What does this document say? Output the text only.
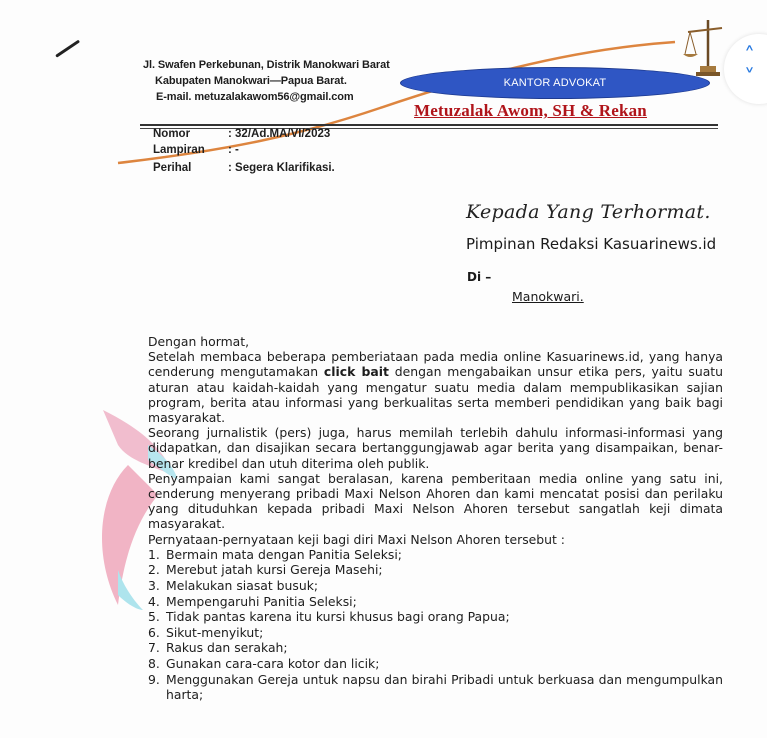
Jl. Swafen Perkebunan, Distrik Manokwari Barat
Kabupaten Manokwari—Papua Barat.
E-mail. metuzalakawom56@gmail.com
KANTOR ADVOKAT
Metuzalak Awom, SH & Rekan
˄
˅
Nomor	: 32/Ad.MA/VI/2023
Lampiran : -
Perihal	: Segera Klarifikasi.
Kepada Yang Terhormat.
Pimpinan Redaksi Kasuarinews.id
Di –
Manokwari.

Dengan hormat,

Setelah membaca beberapa pemberiataan pada media online Kasuarinews.id, yang hanya cenderung mengutamakan click bait dengan mengabaikan unsur etika pers, yaitu suatu aturan atau kaidah-kaidah yang mengatur suatu media dalam mempublikasikan sajian program, berita atau informasi yang berkualitas serta memberi pendidikan yang baik bagi masyarakat.

Seorang jurnalistik (pers) juga, harus memilah terlebih dahulu informasi-informasi yang didapatkan, dan disajikan secara bertanggungjawab agar berita yang disampaikan, benar-benar kredibel dan utuh diterima oleh publik.

Penyampaian kami sangat beralasan, karena pemberitaan media online yang satu ini, cenderung menyerang pribadi Maxi Nelson Ahoren dan kami mencatat posisi dan perilaku yang dituduhkan kepada pribadi Maxi Nelson Ahoren tersebut sangatlah keji dimata masyarakat.

Pernyataan-pernyataan keji bagi diri Maxi Nelson Ahoren tersebut :

1. Bermain mata dengan Panitia Seleksi;
2. Merebut jatah kursi Gereja Masehi;
3. Melakukan siasat busuk;
4. Mempengaruhi Panitia Seleksi;
5. Tidak pantas karena itu kursi khusus bagi orang Papua;
6. Sikut-menyikut;
7. Rakus dan serakah;
8. Gunakan cara-cara kotor dan licik;
9. Menggunakan Gereja untuk napsu dan birahi Pribadi untuk berkuasa dan mengumpulkan harta;
